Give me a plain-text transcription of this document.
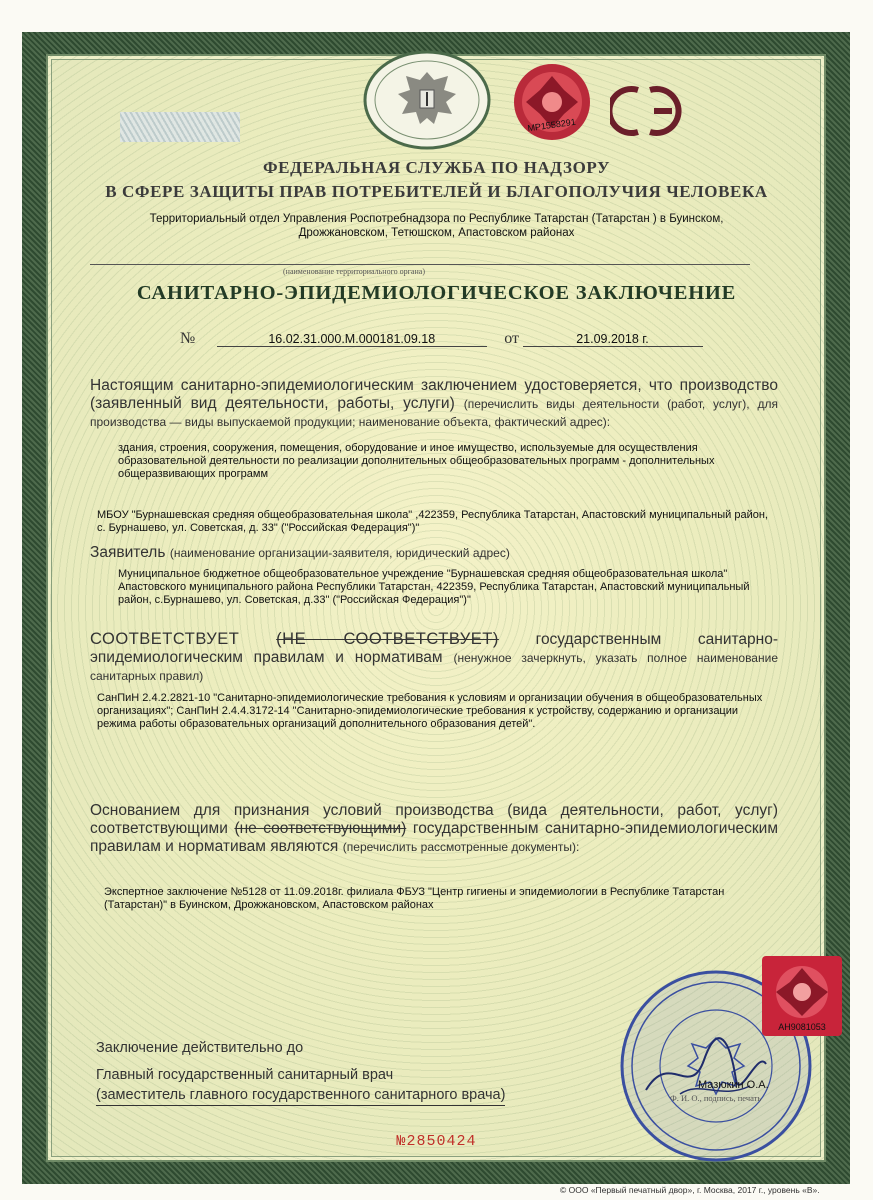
МР1558291
ФЕДЕРАЛЬНАЯ СЛУЖБА ПО НАДЗОРУ
В СФЕРЕ ЗАЩИТЫ ПРАВ ПОТРЕБИТЕЛЕЙ И БЛАГОПОЛУЧИЯ ЧЕЛОВЕКА
Территориальный отдел Управления Роспотребнадзора по Республике Татарстан (Татарстан ) в Буинском, Дрожжановском, Тетюшском, Апастовском районах
(наименование территориального органа)
САНИТАРНО-ЭПИДЕМИОЛОГИЧЕСКОЕ ЗАКЛЮЧЕНИЕ
№	16.02.31.000.М.000181.09.18	от	21.09.2018 г.
Настоящим санитарно-эпидемиологическим заключением удостоверяется, что производство (заявленный вид деятельности, работы, услуги) (перечислить виды деятельности (работ, услуг), для производства — виды выпускаемой продукции; наименование объекта, фактический адрес):
здания, строения, сооружения, помещения, оборудование и иное имущество, используемые для осуществления образовательной деятельности по реализации дополнительных общеобразовательных программ - дополнительных общеразвивающих программ
МБОУ "Бурнашевская средняя общеобразовательная школа" ,422359, Республика Татарстан, Апастовский муниципальный район, с. Бурнашево, ул. Советская, д. 33" ("Российская Федерация")"
Заявитель (наименование организации-заявителя, юридический адрес)
Муниципальное бюджетное общеобразовательное учреждение "Бурнашевская средняя общеобразовательная школа" Апастовского муниципального района Республики Татарстан, 422359, Республика Татарстан, Апастовский муниципальный район, с.Бурнашево, ул. Советская, д.33" ("Российская Федерация")"
СООТВЕТСТВУЕТ (НЕ СООТВЕТСТВУЕТ) государственным санитарно-эпидемиологическим правилам и нормативам (ненужное зачеркнуть, указать полное наименование санитарных правил)
СанПиН 2.4.2.2821-10 "Санитарно-эпидемиологические требования к условиям и организации обучения в общеобразовательных организациях"; СанПиН 2.4.4.3172-14 "Санитарно-эпидемиологические требования к устройству, содержанию и организации режима работы образовательных организаций дополнительного образования детей".
Основанием для признания условий производства (вида деятельности, работ, услуг) соответствующими (не соответствующими) государственным санитарно-эпидемиологическим правилам и нормативам являются (перечислить рассмотренные документы):
Экспертное заключение №5128 от 11.09.2018г. филиала ФБУЗ "Центр гигиены и эпидемиологии в Республике Татарстан (Татарстан)" в Буинском, Дрожжановском, Апастовском районах
Заключение действительно до
Главный государственный санитарный врач
(заместитель главного государственного санитарного врача)
АН9081053
Мазюкин О.А.
Ф. И. О., подпись, печать
№2850424
© ООО «Первый печатный двор», г. Москва, 2017 г., уровень «В».
